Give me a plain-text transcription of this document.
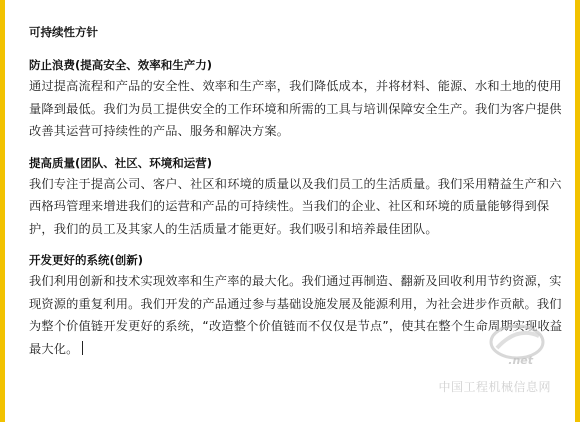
可持续性方针
防止浪费(提高安全、效率和生产力)

通过提高流程和产品的安全性、效率和生产率，我们降低成本，并将材料、能源、水和土地的使用量降到最低。我们为员工提供安全的工作环境和所需的工具与培训保障安全生产。我们为客户提供改善其运营可持续性的产品、服务和解决方案。

提高质量(团队、社区、环境和运营)

我们专注于提高公司、客户、社区和环境的质量以及我们员工的生活质量。我们采用精益生产和六西格玛管理来增进我们的运营和产品的可持续性。当我们的企业、社区和环境的质量能够得到保护，我们的员工及其家人的生活质量才能更好。我们吸引和培养最佳团队。

开发更好的系统(创新)

我们利用创新和技术实现效率和生产率的最大化。我们通过再制造、翻新及回收利用节约资源，实现资源的重复利用。我们开发的产品通过参与基础设施发展及能源利用，为社会进步作贡献。我们为整个价值链开发更好的系统，“改造整个价值链而不仅仅是节点”，使其在整个生命周期实现收益最大化。

.net
中国工程机械信息网
